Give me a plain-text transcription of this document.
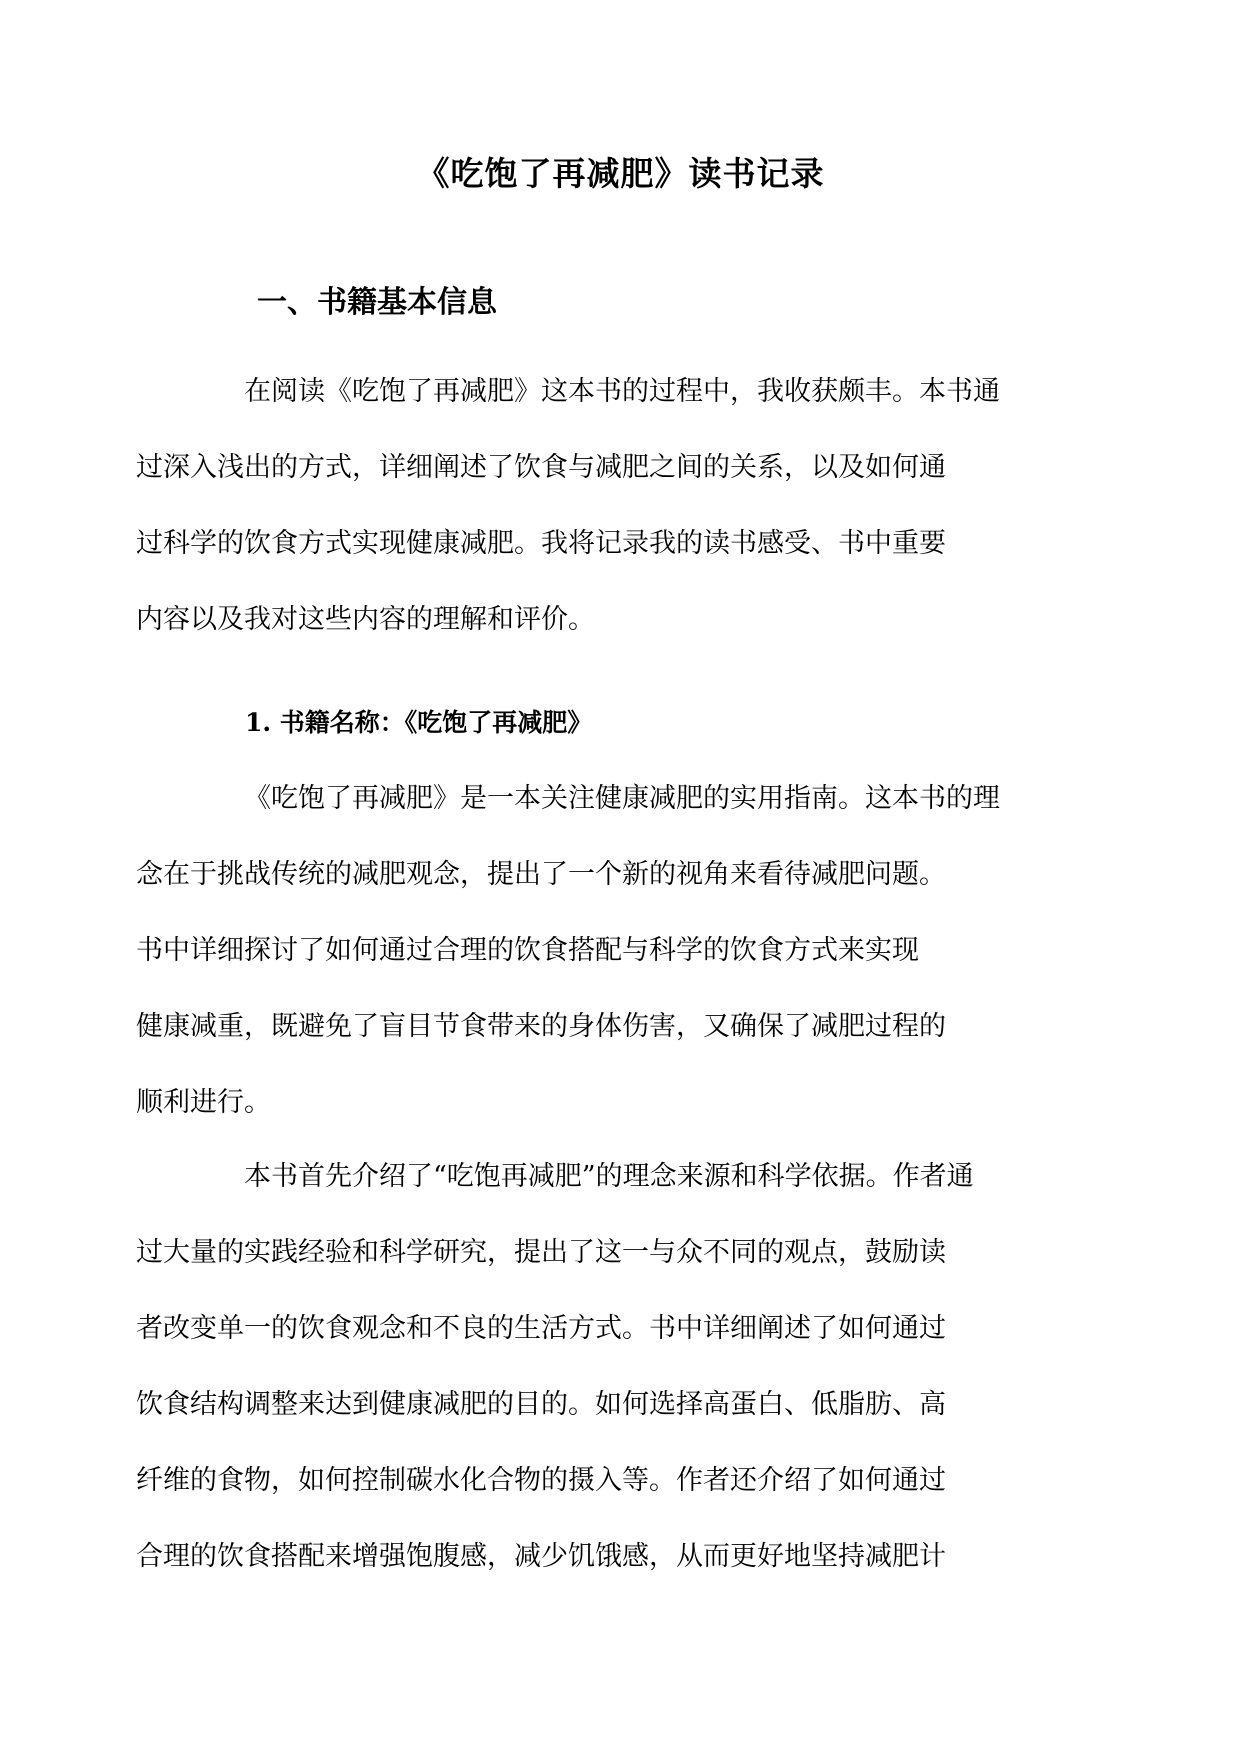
《吃饱了再减肥》读书记录
一、书籍基本信息
在阅读《吃饱了再减肥》这本书的过程中，我收获颇丰。本书通
过深入浅出的方式，详细阐述了饮食与减肥之间的关系，以及如何通
过科学的饮食方式实现健康减肥。我将记录我的读书感受、书中重要
内容以及我对这些内容的理解和评价。
1. 书籍名称：《吃饱了再减肥》
《吃饱了再减肥》是一本关注健康减肥的实用指南。这本书的理
念在于挑战传统的减肥观念，提出了一个新的视角来看待减肥问题。
书中详细探讨了如何通过合理的饮食搭配与科学的饮食方式来实现
健康减重，既避免了盲目节食带来的身体伤害，又确保了减肥过程的
顺利进行。
本书首先介绍了“吃饱再减肥”的理念来源和科学依据。作者通
过大量的实践经验和科学研究，提出了这一与众不同的观点，鼓励读
者改变单一的饮食观念和不良的生活方式。书中详细阐述了如何通过
饮食结构调整来达到健康减肥的目的。如何选择高蛋白、低脂肪、高
纤维的食物，如何控制碳水化合物的摄入等。作者还介绍了如何通过
合理的饮食搭配来增强饱腹感，减少饥饿感，从而更好地坚持减肥计
